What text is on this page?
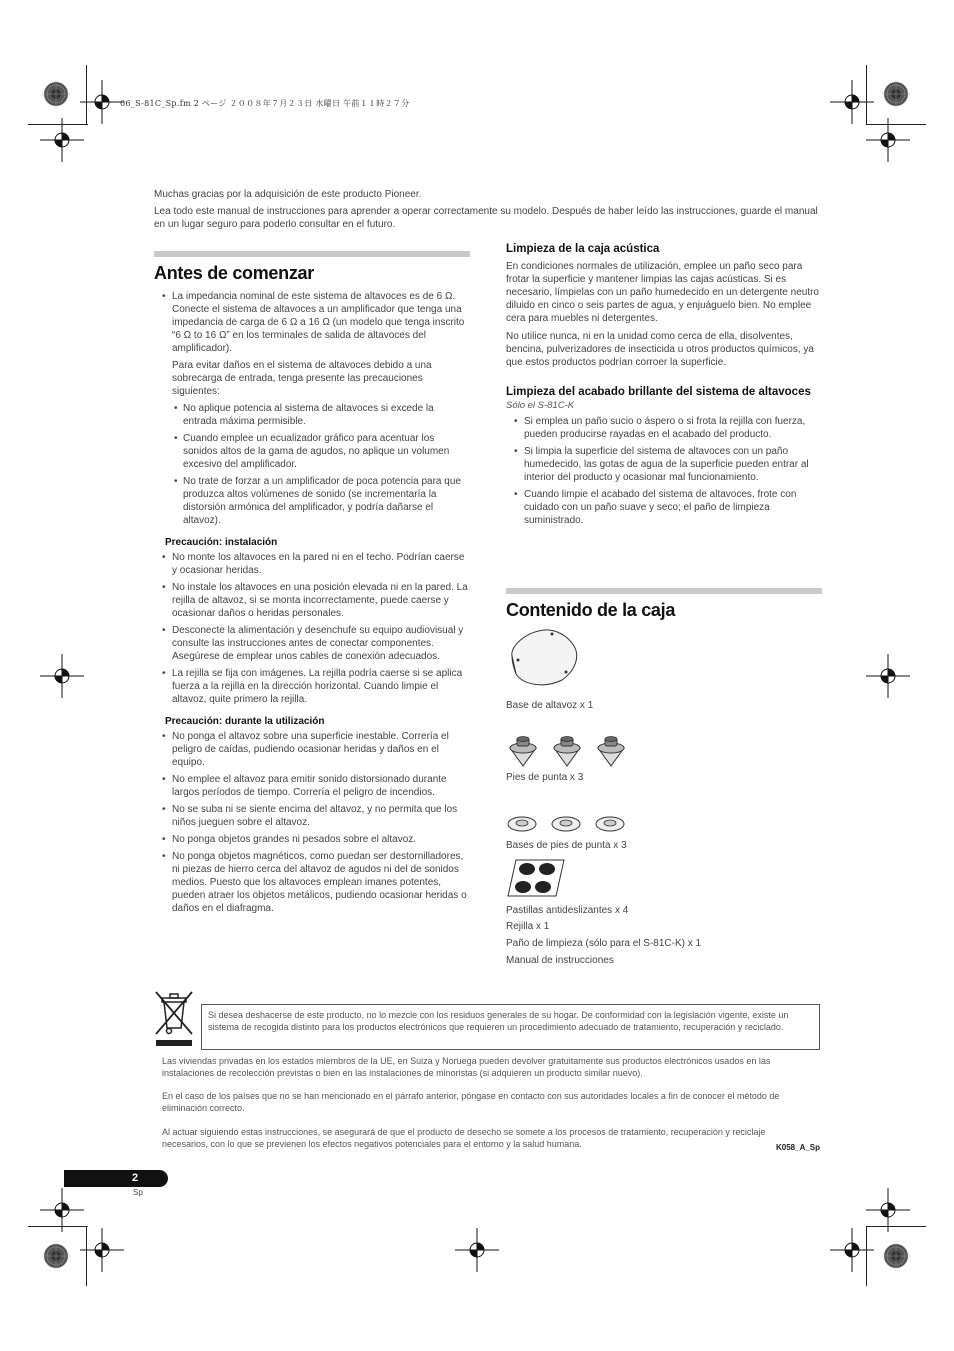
06_S-81C_Sp.fm 2 ページ ２００８年７月２３日 水曜日 午前１１時２７分

Muchas gracias por la adquisición de este producto Pioneer.

Lea todo este manual de instrucciones para aprender a operar correctamente su modelo. Después de haber leído las instrucciones, guarde el manual en un lugar seguro para poderlo consultar en el futuro.

Antes de comenzar
• La impedancia nominal de este sistema de altavoces es de 6 Ω. Conecte el sistema de altavoces a un amplificador que tenga una impedancia de carga de 6 Ω a 16 Ω (un modelo que tenga inscrito “6 Ω to 16 Ω” en los terminales de salida de altavoces del amplificador).

Para evitar daños en el sistema de altavoces debido a una sobrecarga de entrada, tenga presente las precauciones siguientes:

• No aplique potencia al sistema de altavoces si excede la entrada máxima permisible.
• Cuando emplee un ecualizador gráfico para acentuar los sonidos altos de la gama de agudos, no aplique un volumen excesivo del amplificador.
• No trate de forzar a un amplificador de poca potencia para que produzca altos volúmenes de sonido (se incrementaría la distorsión armónica del amplificador, y podría dañarse el altavoz).
Precaución: instalación
• No monte los altavoces en la pared ni en el techo. Podrían caerse y ocasionar heridas.
• No instale los altavoces en una posición elevada ni en la pared. La rejilla de altavoz, si se monta incorrectamente, puede caerse y ocasionar daños o heridas personales.
• Desconecte la alimentación y desenchufe su equipo audiovisual y consulte las instrucciones antes de conectar componentes. Asegúrese de emplear unos cables de conexión adecuados.
• La rejilla se fija con imágenes. La rejilla podría caerse si se aplica fuerza a la rejilla en la dirección horizontal. Cuando limpie el altavoz, quite primero la rejilla.
Precaución: durante la utilización
• No ponga el altavoz sobre una superficie inestable. Correría el peligro de caídas, pudiendo ocasionar heridas y daños en el equipo.
• No emplee el altavoz para emitir sonido distorsionado durante largos períodos de tiempo. Correría el peligro de incendios.
• No se suba ni se siente encima del altavoz, y no permita que los niños jueguen sobre el altavoz.
• No ponga objetos grandes ni pesados sobre el altavoz.
• No ponga objetos magnéticos, como puedan ser destornilladores, ni piezas de hierro cerca del altavoz de agudos ni del de sonidos medios. Puesto que los altavoces emplean imanes potentes, pueden atraer los objetos metálicos, pudiendo ocasionar heridas o daños en el diafragma.
Limpieza de la caja acústica

En condiciones normales de utilización, emplee un paño seco para frotar la superficie y mantener limpias las cajas acústicas. Si es necesario, límpielas con un paño humedecido en un detergente neutro diluido en cinco o seis partes de agua, y enjuáguelo bien. No emplee cera para muebles ni detergentes.

No utilice nunca, ni en la unidad como cerca de ella, disolventes, bencina, pulverizadores de insecticida u otros productos químicos, ya que estos productos podrían corroer la superficie.

Limpieza del acabado brillante del sistema de altavoces

Sólo el S-81C-K

• Si emplea un paño sucio o áspero o si frota la rejilla con fuerza, pueden producirse rayadas en el acabado del producto.
• Si limpia la superficie del sistema de altavoces con un paño humedecido, las gotas de agua de la superficie pueden entrar al interior del producto y ocasionar mal funcionamiento.
• Cuando limpie el acabado del sistema de altavoces, frote con cuidado con un paño suave y seco; el paño de limpieza suministrado.
Contenido de la caja
Base de altavoz x 1
Pies de punta x 3
Bases de pies de punta x 3
Pastillas antideslizantes x 4
Rejilla x 1
Paño de limpieza (sólo para el S-81C-K) x 1
Manual de instrucciones
Si desea deshacerse de este producto, no lo mezcle con los residuos generales de su hogar. De conformidad con la legislación vigente, existe un sistema de recogida distinto para los productos electrónicos que requieren un procedimiento adecuado de tratamiento, recuperación y reciclado.
Las viviendas privadas en los estados miembros de la UE, en Suiza y Noruega pueden devolver gratuitamente sus productos electrónicos usados en las instalaciones de recolección previstas o bien en las instalaciones de minoristas (si adquieren un producto similar nuevo).
En el caso de los países que no se han mencionado en el párrafo anterior, póngase en contacto con sus autoridades locales a fin de conocer el método de eliminación correcto.
Al actuar siguiendo estas instrucciones, se asegurará de que el producto de desecho se somete a los procesos de tratamiento, recuperación y reciclaje necesarios, con lo que se previenen los efectos negativos potenciales para el entorno y la salud humana.	K058_A_Sp
2
Sp
